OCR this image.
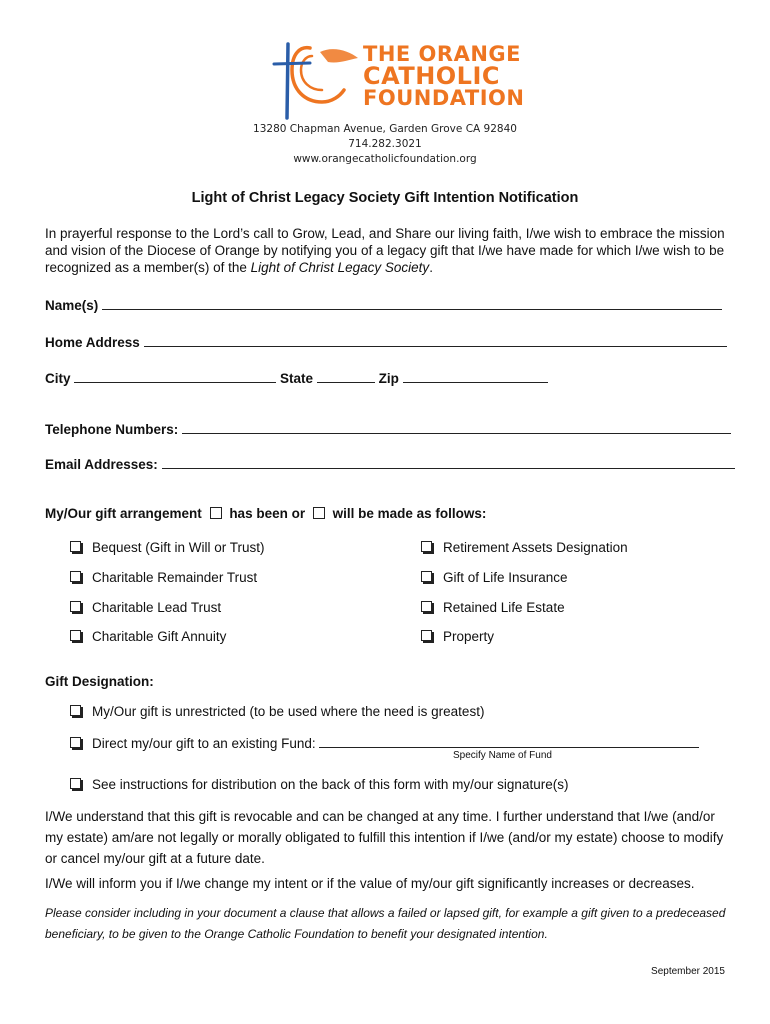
THE ORANGE
CATHOLIC
FOUNDATION
13280 Chapman Avenue, Garden Grove CA 92840
714.282.3021
www.orangecatholicfoundation.org
Light of Christ Legacy Society Gift Intention Notification
In prayerful response to the Lord’s call to Grow, Lead, and Share our living faith, I/we wish to embrace the mission and vision of the Diocese of Orange by notifying you of a legacy gift that I/we have made for which I/we wish to be recognized as a member(s) of the Light of Christ Legacy Society.
Name(s)
Home Address
City	State	Zip
Telephone Numbers:
Email Addresses:
My/Our gift arrangement has been or will be made as follows:
Bequest (Gift in Will or Trust)
Charitable Remainder Trust
Charitable Lead Trust
Charitable Gift Annuity
Retirement Assets Designation
Gift of Life Insurance
Retained Life Estate
Property
Gift Designation:
My/Our gift is unrestricted (to be used where the need is greatest)
Direct my/our gift to an existing Fund:
Specify Name of Fund
See instructions for distribution on the back of this form with my/our signature(s)
I/We understand that this gift is revocable and can be changed at any time. I further understand that I/we (and/or my estate) am/are not legally or morally obligated to fulfill this intention if I/we (and/or my estate) choose to modify or cancel my/our gift at a future date.
I/We will inform you if I/we change my intent or if the value of my/our gift significantly increases or decreases.
Please consider including in your document a clause that allows a failed or lapsed gift, for example a gift given to a predeceased beneficiary, to be given to the Orange Catholic Foundation to benefit your designated intention.
September 2015
